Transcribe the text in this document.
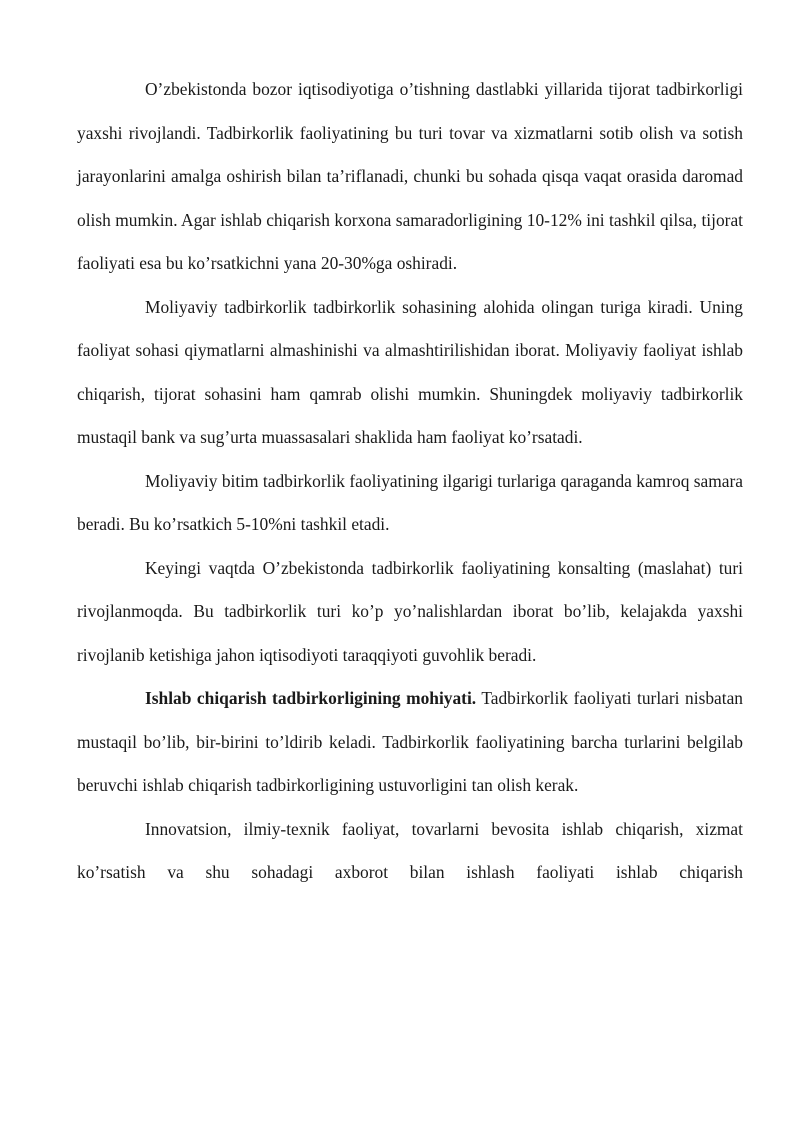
O’zbekistonda bozor iqtisodiyotiga o’tishning dastlabki yillarida tijorat tadbirkorligi yaxshi rivojlandi. Tadbirkorlik faoliyatining bu turi tovar va xizmatlarni sotib olish va sotish jarayonlarini amalga oshirish bilan ta’riflanadi, chunki bu sohada qisqa vaqat orasida daromad olish mumkin. Agar ishlab chiqarish korxona samaradorligining 10-12% ini tashkil qilsa, tijorat faoliyati esa bu ko’rsatkichni yana 20-30%ga oshiradi.

Moliyaviy tadbirkorlik tadbirkorlik sohasining alohida olingan turiga kiradi. Uning faoliyat sohasi qiymatlarni almashinishi va almashtirilishidan iborat. Moliyaviy faoliyat ishlab chiqarish, tijorat sohasini ham qamrab olishi mumkin. Shuningdek moliyaviy tadbirkorlik mustaqil bank va sug’urta muassasalari shaklida ham faoliyat ko’rsatadi.

Moliyaviy bitim tadbirkorlik faoliyatining ilgarigi turlariga qaraganda kamroq samara beradi. Bu ko’rsatkich 5-10%ni tashkil etadi.

Keyingi vaqtda O’zbekistonda tadbirkorlik faoliyatining konsalting (maslahat) turi rivojlanmoqda. Bu tadbirkorlik turi ko’p yo’nalishlardan iborat bo’lib, kelajakda yaxshi rivojlanib ketishiga jahon iqtisodiyoti taraqqiyoti guvohlik beradi.

Ishlab chiqarish tadbirkorligining mohiyati. Tadbirkorlik faoliyati turlari nisbatan mustaqil bo’lib, bir-birini to’ldirib keladi. Tadbirkorlik faoliyatining barcha turlarini belgilab beruvchi ishlab chiqarish tadbirkorligining ustuvorligini tan olish kerak.

Innovatsion, ilmiy-texnik faoliyat, tovarlarni bevosita ishlab chiqarish, xizmat ko’rsatish va shu sohadagi axborot bilan ishlash faoliyati ishlab chiqarish
